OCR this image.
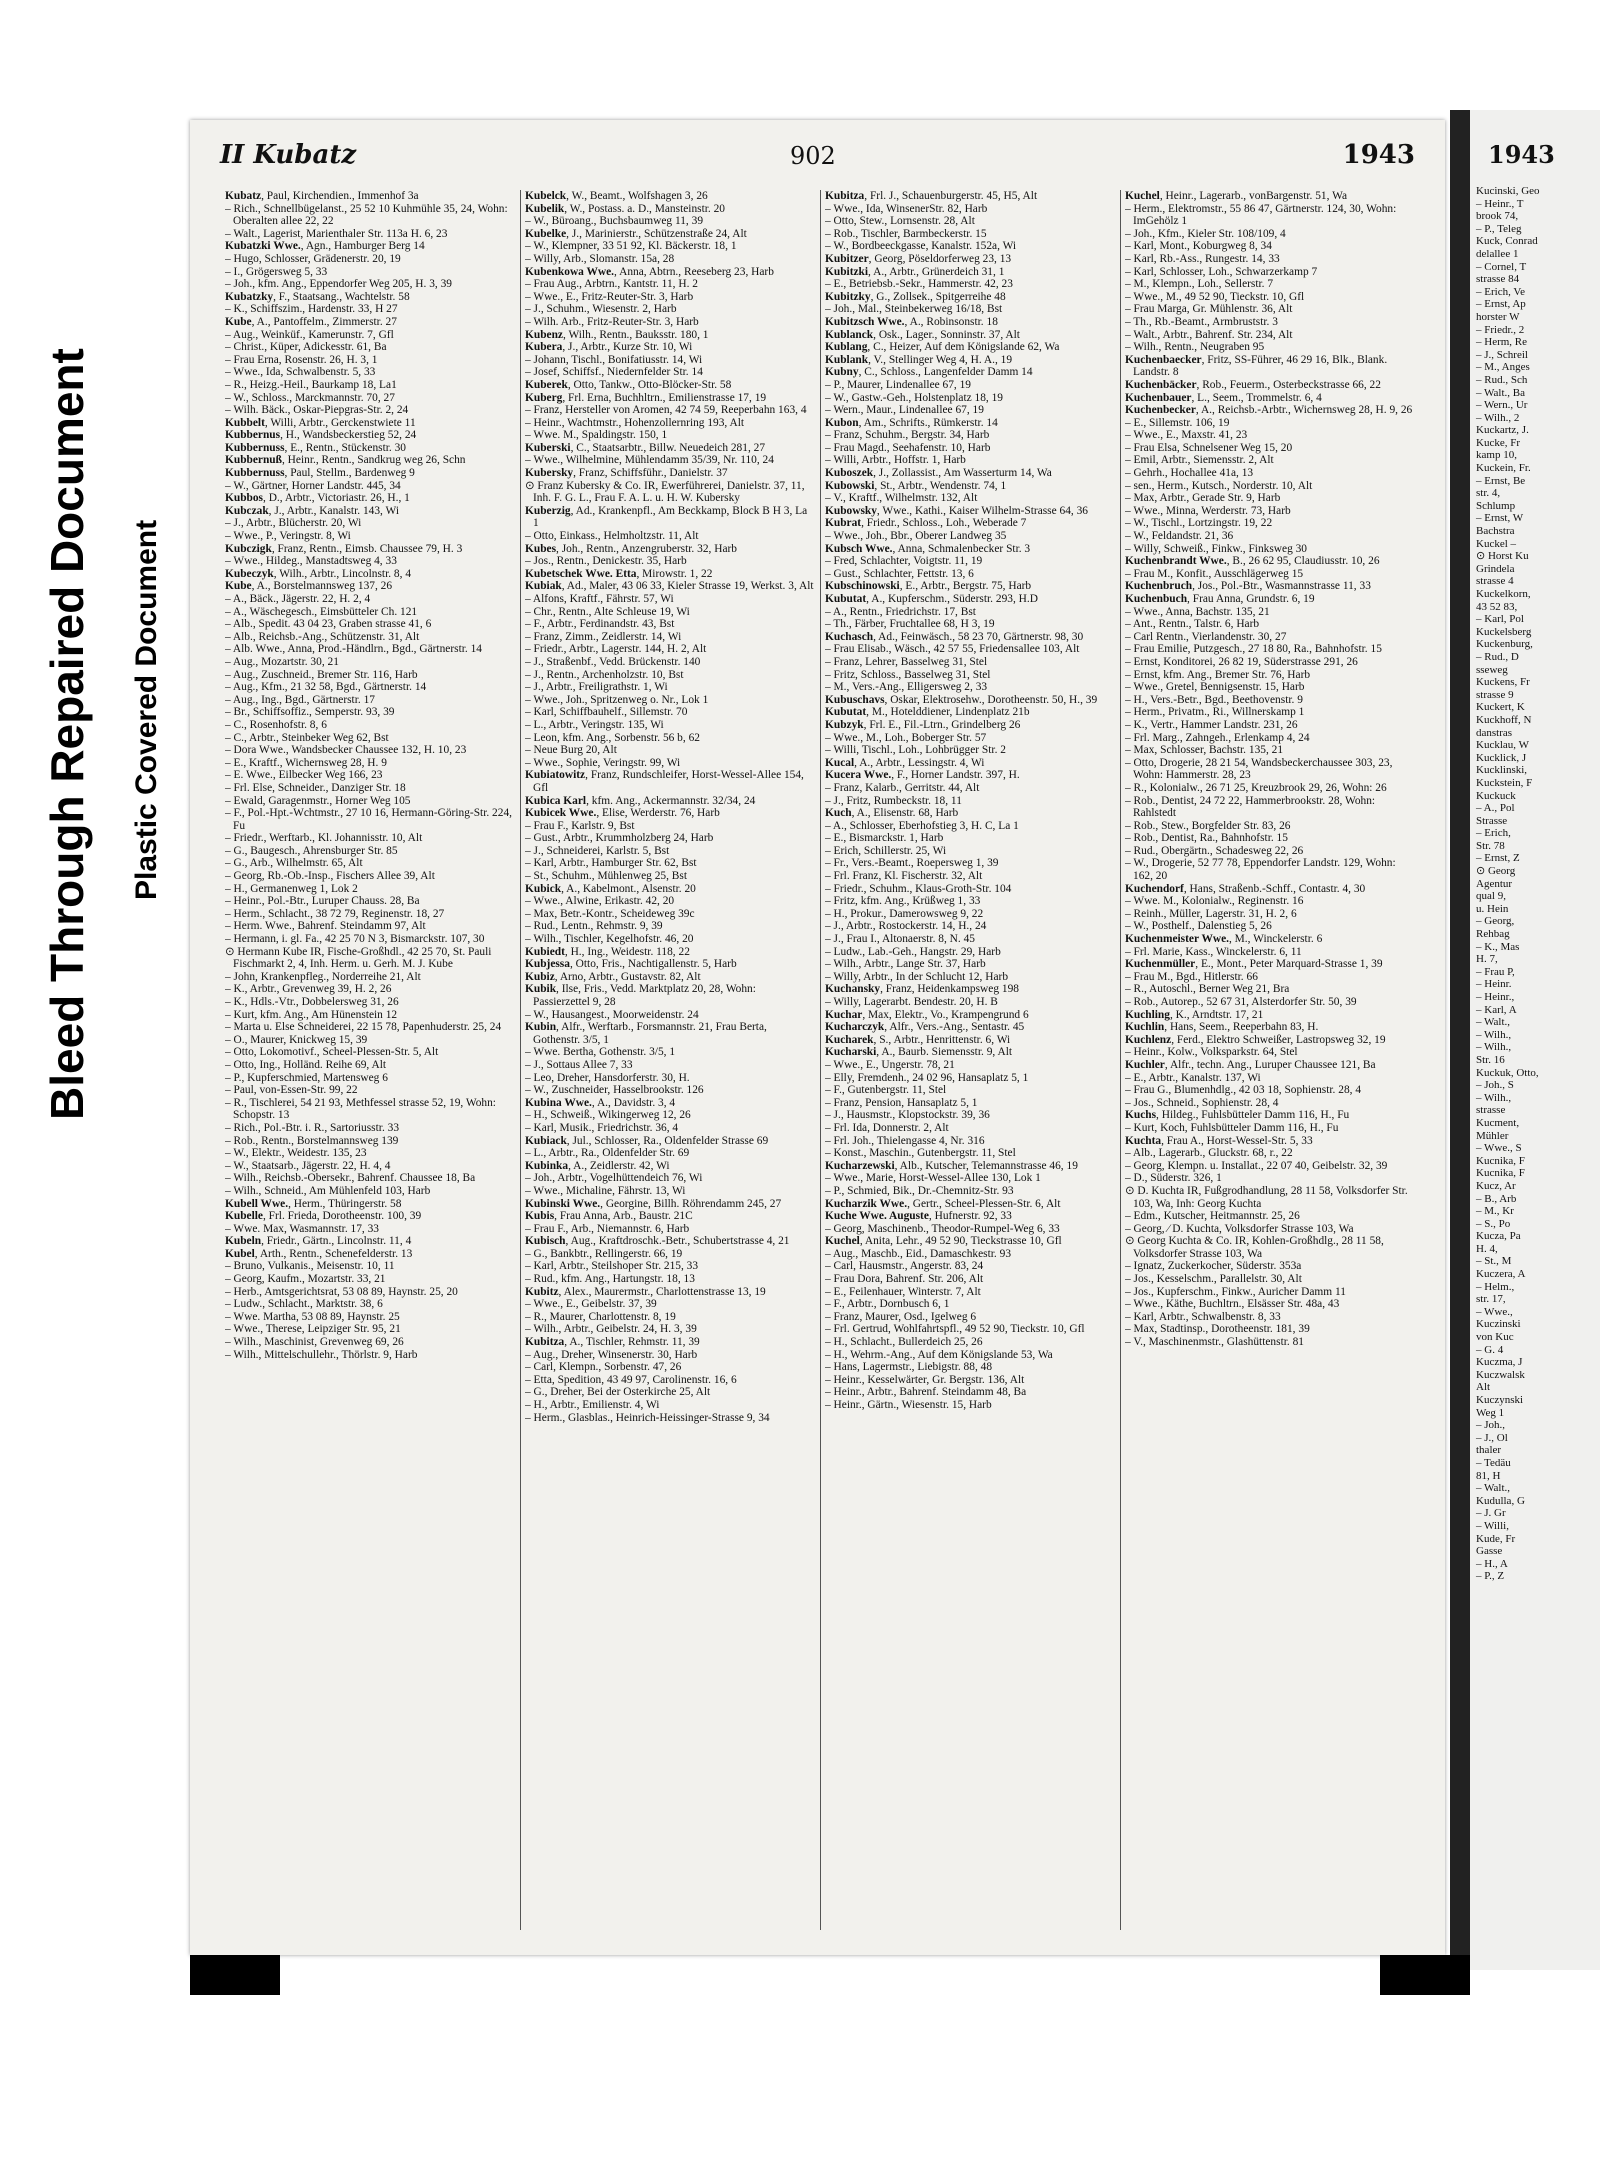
Bleed Through Repaired Document Plastic Covered Document
II Kubatz	902	1943

Kubatz, Paul, Kirchendien., Immenhof 3a

– Rich., Schnellbügelanst., 25 52 10 Kuhmühle 35, 24, Wohn: Oberalten allee 22, 22

– Walt., Lagerist, Marienthaler Str. 113a H. 6, 23

Kubatzki Wwe., Agn., Hamburger Berg 14

– Hugo, Schlosser, Grädenerstr. 20, 19

– I., Grögersweg 5, 33

– Joh., kfm. Ang., Eppendorfer Weg 205, H. 3, 39

Kubatzky, F., Staatsang., Wachtelstr. 58

– K., Schiffszim., Hardenstr. 33, H 27

Kube, A., Pantoffelm., Zimmerstr. 27

– Aug., Weinküf., Kamerunstr. 7, Gfl

– Christ., Küper, Adickesstr. 61, Ba

– Frau Erna, Rosenstr. 26, H. 3, 1

– Wwe., Ida, Schwalbenstr. 5, 33

– R., Heizg.-Heil., Baurkamp 18, La1

– W., Schloss., Marckmannstr. 70, 27

– Wilh. Bäck., Oskar-Piepgras-Str. 2, 24

Kubbelt, Willi, Arbtr., Gerckenstwiete 11

Kubbernus, H., Wandsbeckerstieg 52, 24

Kubbernuss, E., Rentn., Stückenstr. 30

Kubbernuß, Heinr., Rentn., Sandkrug weg 26, Schn

Kubbernuss, Paul, Stellm., Bardenweg 9

– W., Gärtner, Horner Landstr. 445, 34

Kubbos, D., Arbtr., Victoriastr. 26, H., 1

Kubczak, J., Arbtr., Kanalstr. 143, Wi

– J., Arbtr., Blücherstr. 20, Wi

– Wwe., P., Veringstr. 8, Wi

Kubczigk, Franz, Rentn., Eimsb. Chaussee 79, H. 3

– Wwe., Hildeg., Manstadtsweg 4, 33

Kubeczyk, Wilh., Arbtr., Lincolnstr. 8, 4

Kube, A., Borstelmannsweg 137, 26

– A., Bäck., Jägerstr. 22, H. 2, 4

– A., Wäschegesch., Eimsbütteler Ch. 121

– Alb., Spedit. 43 04 23, Graben strasse 41, 6

– Alb., Reichsb.-Ang., Schützenstr. 31, Alt

– Alb. Wwe., Anna, Prod.-Händlrn., Bgd., Gärtnerstr. 14

– Aug., Mozartstr. 30, 21

– Aug., Zuschneid., Bremer Str. 116, Harb

– Aug., Kfm., 21 32 58, Bgd., Gärtnerstr. 14

– Aug., Ing., Bgd., Gärtnerstr. 17

– Br., Schiffsoffiz., Semperstr. 93, 39

– C., Rosenhofstr. 8, 6

– C., Arbtr., Steinbeker Weg 62, Bst

– Dora Wwe., Wandsbecker Chaussee 132, H. 10, 23

– E., Kraftf., Wichernsweg 28, H. 9

– E. Wwe., Eilbecker Weg 166, 23

– Frl. Else, Schneider., Danziger Str. 18

– Ewald, Garagenmstr., Horner Weg 105

– F., Pol.-Hpt.-Wchtmstr., 27 10 16, Hermann-Göring-Str. 224, Fu

– Friedr., Werftarb., Kl. Johannisstr. 10, Alt

– G., Baugesch., Ahrensburger Str. 85

– G., Arb., Wilhelmstr. 65, Alt

– Georg, Rb.-Ob.-Insp., Fischers Allee 39, Alt

– H., Germanenweg 1, Lok 2

– Heinr., Pol.-Btr., Luruper Chauss. 28, Ba

– Herm., Schlacht., 38 72 79, Reginenstr. 18, 27

– Herm. Wwe., Bahrenf. Steindamm 97, Alt

– Hermann, i. gl. Fa., 42 25 70 N 3, Bismarckstr. 107, 30

⊙ Hermann Kube IR, Fische-Großhdl., 42 25 70, St. Pauli Fischmarkt 2, 4, Inh. Herm. u. Gerh. M. J. Kube

– John, Krankenpfleg., Norderreihe 21, Alt

– K., Arbtr., Grevenweg 39, H. 2, 26

– K., Hdls.-Vtr., Dobbelersweg 31, 26

– Kurt, kfm. Ang., Am Hünenstein 12

– Marta u. Else Schneiderei, 22 15 78, Papenhuderstr. 25, 24

– O., Maurer, Knickweg 15, 39

– Otto, Lokomotivf., Scheel-Plessen-Str. 5, Alt

– Otto, Ing., Holländ. Reihe 69, Alt

– P., Kupferschmied, Martensweg 6

– Paul, von-Essen-Str. 99, 22

– R., Tischlerei, 54 21 93, Methfessel strasse 52, 19, Wohn: Schopstr. 13

– Rich., Pol.-Btr. i. R., Sartoriusstr. 33

– Rob., Rentn., Borstelmannsweg 139

– W., Elektr., Weidestr. 135, 23

– W., Staatsarb., Jägerstr. 22, H. 4, 4

– Wilh., Reichsb.-Obersekr., Bahrenf. Chaussee 18, Ba

– Wilh., Schneid., Am Mühlenfeld 103, Harb

Kubell Wwe., Herm., Thüringerstr. 58

Kubelle, Frl. Frieda, Dorotheenstr. 100, 39

– Wwe. Max, Wasmannstr. 17, 33

Kubeln, Friedr., Gärtn., Lincolnstr. 11, 4

Kubel, Arth., Rentn., Schenefelderstr. 13

– Bruno, Vulkanis., Meisenstr. 10, 11

– Georg, Kaufm., Mozartstr. 33, 21

– Herb., Amtsgerichtsrat, 53 08 89, Haynstr. 25, 20

– Ludw., Schlacht., Marktstr. 38, 6

– Wwe. Martha, 53 08 89, Haynstr. 25

– Wwe., Therese, Leipziger Str. 95, 21

– Wilh., Maschinist, Grevenweg 69, 26

– Wilh., Mittelschullehr., Thörlstr. 9, Harb

Kubelck, W., Beamt., Wolfshagen 3, 26

Kubelik, W., Postass. a. D., Mansteinstr. 20

– W., Büroang., Buchsbaumweg 11, 39

Kubelke, J., Marinierstr., Schützenstraße 24, Alt

– W., Klempner, 33 51 92, Kl. Bäckerstr. 18, 1

– Willy, Arb., Slomanstr. 15a, 28

Kubenkowa Wwe., Anna, Abtrn., Reeseberg 23, Harb

– Frau Aug., Arbtrn., Kantstr. 11, H. 2

– Wwe., E., Fritz-Reuter-Str. 3, Harb

– J., Schuhm., Wiesenstr. 2, Harb

– Wilh. Arb., Fritz-Reuter-Str. 3, Harb

Kubenz, Wilh., Rentn., Bauksstr. 180, 1

Kubera, J., Arbtr., Kurze Str. 10, Wi

– Johann, Tischl., Bonifatiusstr. 14, Wi

– Josef, Schiffsf., Niedernfelder Str. 14

Kuberek, Otto, Tankw., Otto-Blöcker-Str. 58

Kuberg, Frl. Erna, Buchhltrn., Emilienstrasse 17, 19

– Franz, Hersteller von Aromen, 42 74 59, Reeperbahn 163, 4

– Heinr., Wachtmstr., Hohenzollernring 193, Alt

– Wwe. M., Spaldingstr. 150, 1

Kuberski, C., Staatsarbtr., Billw. Neuedeich 281, 27

– Wwe., Wilhelmine, Mühlendamm 35/39, Nr. 110, 24

Kubersky, Franz, Schiffsführ., Danielstr. 37

⊙ Franz Kubersky & Co. IR, Ewerführerei, Danielstr. 37, 11, Inh. F. G. L., Frau F. A. L. u. H. W. Kubersky

Kuberzig, Ad., Krankenpfl., Am Beckkamp, Block B H 3, La 1

– Otto, Einkass., Helmholtzstr. 11, Alt

Kubes, Joh., Rentn., Anzengruberstr. 32, Harb

– Jos., Rentn., Denickestr. 35, Harb

Kubetschek Wwe. Etta, Mirowstr. 1, 22

Kubiak, Ad., Maler, 43 06 33, Kieler Strasse 19, Werkst. 3, Alt

– Alfons, Kraftf., Fährstr. 57, Wi

– Chr., Rentn., Alte Schleuse 19, Wi

– F., Arbtr., Ferdinandstr. 43, Bst

– Franz, Zimm., Zeidlerstr. 14, Wi

– Friedr., Arbtr., Lagerstr. 144, H. 2, Alt

– J., Straßenbf., Vedd. Brückenstr. 140

– J., Rentn., Archenholzstr. 10, Bst

– J., Arbtr., Freiligrathstr. 1, Wi

– Wwe., Joh., Spritzenweg o. Nr., Lok 1

– Karl, Schiffbauhelf., Sillemstr. 70

– L., Arbtr., Veringstr. 135, Wi

– Leon, kfm. Ang., Sorbenstr. 56 b, 62

– Neue Burg 20, Alt

– Wwe., Sophie, Veringstr. 99, Wi

Kubiatowitz, Franz, Rundschleifer, Horst-Wessel-Allee 154, Gfl

Kubica Karl, kfm. Ang., Ackermannstr. 32/34, 24

Kubicek Wwe., Elise, Werderstr. 76, Harb

– Frau F., Karlstr. 9, Bst

– Gust., Arbtr., Krummholzberg 24, Harb

– J., Schneiderei, Karlstr. 5, Bst

– Karl, Arbtr., Hamburger Str. 62, Bst

– St., Schuhm., Mühlenweg 25, Bst

Kubick, A., Kabelmont., Alsenstr. 20

– Wwe., Alwine, Erikastr. 42, 20

– Max, Betr.-Kontr., Scheideweg 39c

– Rud., Lentn., Rehmstr. 9, 39

– Wilh., Tischler, Kegelhofstr. 46, 20

Kubiedt, H., Ing., Weidestr. 118, 22

Kubjessa, Otto, Fris., Nachtigallenstr. 5, Harb

Kubiz, Arno, Arbtr., Gustavstr. 82, Alt

Kubik, Ilse, Fris., Vedd. Marktplatz 20, 28, Wohn: Passierzettel 9, 28

– W., Hausangest., Moorweidenstr. 24

Kubin, Alfr., Werftarb., Forsmannstr. 21, Frau Berta, Gothenstr. 3/5, 1

– Wwe. Bertha, Gothenstr. 3/5, 1

– J., Sottaus Allee 7, 33

– Leo, Dreher, Hansdorferstr. 30, H.

– W., Zuschneider, Hasselbrookstr. 126

Kubina Wwe., A., Davidstr. 3, 4

– H., Schweiß., Wikingerweg 12, 26

– Karl, Musik., Friedrichstr. 36, 4

Kubiack, Jul., Schlosser, Ra., Oldenfelder Strasse 69

– L., Arbtr., Ra., Oldenfelder Str. 69

Kubinka, A., Zeidlerstr. 42, Wi

– Joh., Arbtr., Vogelhüttendeich 76, Wi

– Wwe., Michaline, Fährstr. 13, Wi

Kubinski Wwe., Georgine, Billh. Röhrendamm 245, 27

Kubis, Frau Anna, Arb., Baustr. 21C

– Frau F., Arb., Niemannstr. 6, Harb

Kubisch, Aug., Kraftdroschk.-Betr., Schubertstrasse 4, 21

– G., Bankbtr., Rellingerstr. 66, 19

– Karl, Arbtr., Steilshoper Str. 215, 33

– Rud., kfm. Ang., Hartungstr. 18, 13

Kubitz, Alex., Maurermstr., Charlottenstrasse 13, 19

– Wwe., E., Geibelstr. 37, 39

– R., Maurer, Charlottenstr. 8, 19

– Wilh., Arbtr., Geibelstr. 24, H. 3, 39

Kubitza, A., Tischler, Rehmstr. 11, 39

– Aug., Dreher, Winsenerstr. 30, Harb

– Carl, Klempn., Sorbenstr. 47, 26

– Etta, Spedition, 43 49 97, Carolinenstr. 16, 6

– G., Dreher, Bei der Osterkirche 25, Alt

– H., Arbtr., Emilienstr. 4, Wi

– Herm., Glasblas., Heinrich-Heissinger-Strasse 9, 34

Kubitza, Frl. J., Schauenburgerstr. 45, H5, Alt

– Wwe., Ida, WinsenerStr. 82, Harb

– Otto, Stew., Lornsenstr. 28, Alt

– Rob., Tischler, Barmbeckerstr. 15

– W., Bordbeeckgasse, Kanalstr. 152a, Wi

Kubitzer, Georg, Pöseldorferweg 23, 13

Kubitzki, A., Arbtr., Grünerdeich 31, 1

– E., Betriebsb.-Sekr., Hammerstr. 42, 23

Kubitzky, G., Zollsek., Spitgerreihe 48

– Joh., Mal., Steinbekerweg 16/18, Bst

Kubitzsch Wwe., A., Robinsonstr. 18

Kublanck, Osk., Lager., Sonninstr. 37, Alt

Kublang, C., Heizer, Auf dem Königslande 62, Wa

Kublank, V., Stellinger Weg 4, H. A., 19

Kubny, C., Schloss., Langenfelder Damm 14

– P., Maurer, Lindenallee 67, 19

– W., Gastw.-Geh., Holstenplatz 18, 19

– Wern., Maur., Lindenallee 67, 19

Kubon, Am., Schrifts., Rümkerstr. 14

– Franz, Schuhm., Bergstr. 34, Harb

– Frau Magd., Seehafenstr. 10, Harb

– Willi, Arbtr., Hoffstr. 1, Harb

Kuboszek, J., Zollassist., Am Wasserturm 14, Wa

Kubowski, St., Arbtr., Wendenstr. 74, 1

– V., Kraftf., Wilhelmstr. 132, Alt

Kubowsky, Wwe., Kathi., Kaiser Wilhelm-Strasse 64, 36

Kubrat, Friedr., Schloss., Loh., Weberade 7

– Wwe., Joh., Bbr., Oberer Landweg 35

Kubsch Wwe., Anna, Schmalenbecker Str. 3

– Fred, Schlachter, Voigtstr. 11, 19

– Gust., Schlachter, Fettstr. 13, 6

Kubschinowski, E., Arbtr., Bergstr. 75, Harb

Kubutat, A., Kupferschm., Süderstr. 293, H.D

– A., Rentn., Friedrichstr. 17, Bst

– Th., Färber, Fruchtallee 68, H 3, 19

Kuchasch, Ad., Feinwäsch., 58 23 70, Gärtnerstr. 98, 30

– Frau Elisab., Wäsch., 42 57 55, Friedensallee 103, Alt

– Franz, Lehrer, Basselweg 31, Stel

– Fritz, Schloss., Basselweg 31, Stel

– M., Vers.-Ang., Elligersweg 2, 33

Kubuschavs, Oskar, Elektrosehw., Dorotheenstr. 50, H., 39

Kubutat, M., Hotelddiener, Lindenplatz 21b

Kubzyk, Frl. E., Fil.-Ltrn., Grindelberg 26

– Wwe., M., Loh., Boberger Str. 57

– Willi, Tischl., Loh., Lohbrügger Str. 2

Kucal, A., Arbtr., Lessingstr. 4, Wi

Kucera Wwe., F., Horner Landstr. 397, H.

– Franz, Kalarb., Gerritstr. 44, Alt

– J., Fritz, Rumbeckstr. 18, 11

Kuch, A., Elisenstr. 68, Harb

– A., Schlosser, Eberhofstieg 3, H. C, La 1

– E., Bismarckstr. 1, Harb

– Erich, Schillerstr. 25, Wi

– Fr., Vers.-Beamt., Roepersweg 1, 39

– Frl. Franz, Kl. Fischerstr. 32, Alt

– Friedr., Schuhm., Klaus-Groth-Str. 104

– Fritz, kfm. Ang., Krüßweg 1, 33

– H., Prokur., Damerowsweg 9, 22

– J., Arbtr., Rostockerstr. 14, H., 24

– J., Frau I., Altonaerstr. 8, N. 45

– Ludw., Lab.-Geh., Hangstr. 29, Harb

– Wilh., Arbtr., Lange Str. 37, Harb

– Willy, Arbtr., In der Schlucht 12, Harb

Kuchansky, Franz, Heidenkampsweg 198

– Willy, Lagerarbt. Bendestr. 20, H. B

Kuchar, Max, Elektr., Vo., Krampengrund 6

Kucharczyk, Alfr., Vers.-Ang., Sentastr. 45

Kucharek, S., Arbtr., Henrittenstr. 6, Wi

Kucharski, A., Baurb. Siemensstr. 9, Alt

– Wwe., E., Ungerstr. 78, 21

– Elly, Fremdenh., 24 02 96, Hansaplatz 5, 1

– F., Gutenbergstr. 11, Stel

– Franz, Pension, Hansaplatz 5, 1

– J., Hausmstr., Klopstockstr. 39, 36

– Frl. Ida, Donnerstr. 2, Alt

– Frl. Joh., Thielengasse 4, Nr. 316

– Konst., Maschin., Gutenbergstr. 11, Stel

Kucharzewski, Alb., Kutscher, Telemannstrasse 46, 19

– Wwe., Marie, Horst-Wessel-Allee 130, Lok 1

– P., Schmied, Bik., Dr.-Chemnitz-Str. 93

Kucharzik Wwe., Gertr., Scheel-Plessen-Str. 6, Alt

Kuche Wwe. Auguste, Hufnerstr. 92, 33

– Georg, Maschinenb., Theodor-Rumpel-Weg 6, 33

Kuchel, Anita, Lehr., 49 52 90, Tieckstrasse 10, Gfl

– Aug., Maschb., Eid., Damaschkestr. 93

– Carl, Hausmstr., Angerstr. 83, 24

– Frau Dora, Bahrenf. Str. 206, Alt

– E., Feilenhauer, Winterstr. 7, Alt

– F., Arbtr., Dornbusch 6, 1

– Franz, Maurer, Osd., Igelweg 6

– Frl. Gertrud, Wohlfahrtspfl., 49 52 90, Tieckstr. 10, Gfl

– H., Schlacht., Bullerdeich 25, 26

– H., Wehrm.-Ang., Auf dem Königslande 53, Wa

– Hans, Lagermstr., Liebigstr. 88, 48

– Heinr., Kesselwärter, Gr. Bergstr. 136, Alt

– Heinr., Arbtr., Bahrenf. Steindamm 48, Ba

– Heinr., Gärtn., Wiesenstr. 15, Harb

Kuchel, Heinr., Lagerarb., vonBargenstr. 51, Wa

– Herm., Elektromstr., 55 86 47, Gärtnerstr. 124, 30, Wohn: ImGehölz 1

– Joh., Kfm., Kieler Str. 108/109, 4

– Karl, Mont., Koburgweg 8, 34

– Karl, Rb.-Ass., Rungestr. 14, 33

– Karl, Schlosser, Loh., Schwarzerkamp 7

– M., Klempn., Loh., Sellerstr. 7

– Wwe., M., 49 52 90, Tieckstr. 10, Gfl

– Frau Marga, Gr. Mühlenstr. 36, Alt

– Th., Rb.-Beamt., Armbruststr. 3

– Walt., Arbtr., Bahrenf. Str. 234, Alt

– Wilh., Rentn., Neugraben 95

Kuchenbaecker, Fritz, SS-Führer, 46 29 16, Blk., Blank. Landstr. 8

Kuchenbäcker, Rob., Feuerm., Osterbeckstrasse 66, 22

Kuchenbauer, L., Seem., Trommelstr. 6, 4

Kuchenbecker, A., Reichsb.-Arbtr., Wichernsweg 28, H. 9, 26

– E., Sillemstr. 106, 19

– Wwe., E., Maxstr. 41, 23

– Frau Elsa, Schnelsener Weg 15, 20

– Emil, Arbtr., Siemensstr. 2, Alt

– Gehrh., Hochallee 41a, 13

– sen., Herm., Kutsch., Norderstr. 10, Alt

– Max, Arbtr., Gerade Str. 9, Harb

– Wwe., Minna, Werderstr. 73, Harb

– W., Tischl., Lortzingstr. 19, 22

– W., Feldandstr. 21, 36

– Willy, Schweiß., Finkw., Finksweg 30

Kuchenbrandt Wwe., B., 26 62 95, Claudiusstr. 10, 26

– Frau M., Konfit., Ausschlägerweg 15

Kuchenbruch, Jos., Pol.-Btr., Wasmannstrasse 11, 33

Kuchenbuch, Frau Anna, Grundstr. 6, 19

– Wwe., Anna, Bachstr. 135, 21

– Ant., Rentn., Talstr. 6, Harb

– Carl Rentn., Vierlandenstr. 30, 27

– Frau Emilie, Putzgesch., 27 18 80, Ra., Bahnhofstr. 15

– Ernst, Konditorei, 26 82 19, Süderstrasse 291, 26

– Ernst, kfm. Ang., Bremer Str. 76, Harb

– Wwe., Gretel, Bennigsenstr. 15, Harb

– H., Vers.-Betr., Bgd., Beethovenstr. 9

– Herm., Privatm., Ri., Willnerskamp 1

– K., Vertr., Hammer Landstr. 231, 26

– Frl. Marg., Zahngeh., Erlenkamp 4, 24

– Max, Schlosser, Bachstr. 135, 21

– Otto, Drogerie, 28 21 54, Wandsbeckerchaussee 303, 23, Wohn: Hammerstr. 28, 23

– R., Kolonialw., 26 71 25, Kreuzbrook 29, 26, Wohn: 26

– Rob., Dentist, 24 72 22, Hammerbrookstr. 28, Wohn: Rahlstedt

– Rob., Stew., Borgfelder Str. 83, 26

– Rob., Dentist, Ra., Bahnhofstr. 15

– Rud., Obergärtn., Schadesweg 22, 26

– W., Drogerie, 52 77 78, Eppendorfer Landstr. 129, Wohn: 162, 20

Kuchendorf, Hans, Straßenb.-Schff., Contastr. 4, 30

– Wwe. M., Kolonialw., Reginenstr. 16

– Reinh., Müller, Lagerstr. 31, H. 2, 6

– W., Posthelf., Dalenstieg 5, 26

Kuchenmeister Wwe., M., Winckelerstr. 6

– Frl. Marie, Kass., Winckelerstr. 6, 11

Kuchenmüller, E., Mont., Peter Marquard-Strasse 1, 39

– Frau M., Bgd., Hitlerstr. 66

– R., Autoschl., Berner Weg 21, Bra

– Rob., Autorep., 52 67 31, Alsterdorfer Str. 50, 39

Kuchling, K., Arndtstr. 17, 21

Kuchlin, Hans, Seem., Reeperbahn 83, H.

Kuchlenz, Ferd., Elektro Schweißer, Lastropsweg 32, 19

– Heinr., Kolw., Volksparkstr. 64, Stel

Kuchler, Alfr., techn. Ang., Luruper Chaussee 121, Ba

– E., Arbtr., Kanalstr. 137, Wi

– Frau G., Blumenhdlg., 42 03 18, Sophienstr. 28, 4

– Jos., Schneid., Sophienstr. 28, 4

Kuchs, Hildeg., Fuhlsbütteler Damm 116, H., Fu

– Kurt, Koch, Fuhlsbütteler Damm 116, H., Fu

Kuchta, Frau A., Horst-Wessel-Str. 5, 33

– Alb., Lagerarb., Gluckstr. 68, r., 22

– Georg, Klempn. u. Installat., 22 07 40, Geibelstr. 32, 39

– D., Süderstr. 326, 1

⊙ D. Kuchta IR, Fußgrodhandlung, 28 11 58, Volksdorfer Str. 103, Wa, Inh: Georg Kuchta

– Edm., Kutscher, Heitmannstr. 25, 26

– Georg, ∕ D. Kuchta, Volksdorfer Strasse 103, Wa

⊙ Georg Kuchta & Co. IR, Kohlen-Großhdlg., 28 11 58, Volksdorfer Strasse 103, Wa

– Ignatz, Zuckerkocher, Süderstr. 353a

– Jos., Kesselschm., Parallelstr. 30, Alt

– Jos., Kupferschm., Finkw., Auricher Damm 11

– Wwe., Käthe, Buchltrn., Elsässer Str. 48a, 43

– Karl, Arbtr., Schwalbenstr. 8, 33

– Max, Stadtinsp., Dorotheenstr. 181, 39

– V., Maschinenmstr., Glashüttenstr. 81

1943
Kucinski, Geo
– Heinr., T
brook 74,
– P., Teleg
Kuck, Conrad
delallee 1
– Cornel, T
strasse 84
– Erich, Ve
– Ernst, Ap
horster W
– Friedr., 2
– Herm, Re
– J., Schreil
– M., Anges
– Rud., Sch
– Walt., Ba
– Wern., Ur
– Wilh., 2
Kuckartz, J.
Kucke, Fr
kamp 10,
Kuckein, Fr.
– Ernst, Be
str. 4,
Schlump
– Ernst, W
Bachstra
Kuckel –
⊙ Horst Ku
Grindela
strasse 4
Kuckelkorn,
43 52 83,
– Karl, Pol
Kuckelsberg
Kuckenburg,
– Rud., D
sseweg
Kuckens, Fr
strasse 9
Kuckert, K
Kuckhoff, N
danstras
Kucklau, W
Kucklick, J
Kucklinski,
Kuckstein, F
Kuckuck
– A., Pol
Strasse
– Erich,
Str. 78
– Ernst, Z
⊙ Georg
Agentur
qual 9,
u. Hein
– Georg,
Rehbag
– K., Mas
H. 7,
– Frau P,
– Heinr.
– Heinr.,
– Karl, A
– Walt.,
– Wilh.,
– Wilh.,
Str. 16
Kuckuk, Otto,
– Joh., S
– Wilh.,
strasse
Kucment,
Mühler
– Wwe., S
Kucnika, F
Kucnika, F
Kucz, Ar
– B., Arb
– M., Kr
– S., Po
Kucza, Pa
H. 4,
– St., M
Kuczera, A
– Helm.,
str. 17,
– Wwe.,
Kuczinski
von Kuc
– G. 4
Kuczma, J
Kuczwalsk
Alt
Kuczynski
Weg 1
– Joh.,
– J., Ol
thaler
– Tedäu
81, H
– Walt.,
Kudulla, G
– J. Gr
– Willi,
Kude, Fr
Gasse
– H., A
– P., Z
